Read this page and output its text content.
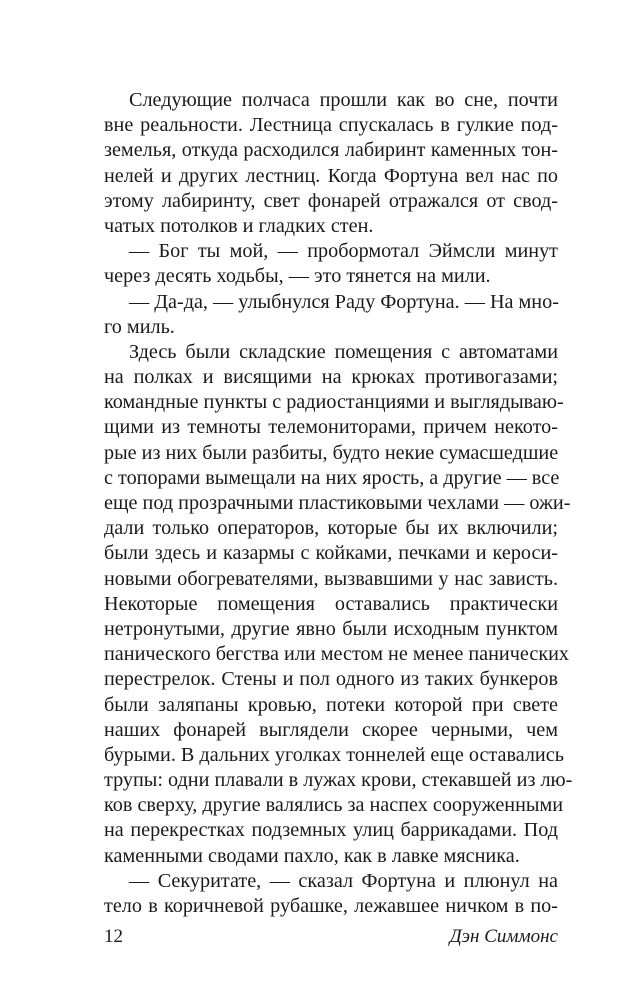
Следующие полчаса прошли как во сне, почти
вне реальности. Лестница спускалась в гулкие под-
земелья, откуда расходился лабиринт каменных тон-
нелей и других лестниц. Когда Фортуна вел нас по
этому лабиринту, свет фонарей отражался от свод-
чатых потолков и гладких стен.
— Бог ты мой, — пробормотал Эймсли минут
через десять ходьбы, — это тянется на мили.
— Да-да, — улыбнулся Раду Фортуна. — На мно-
го миль.
Здесь были складские помещения с автоматами
на полках и висящими на крюках противогазами;
командные пункты с радиостанциями и выглядываю-
щими из темноты телемониторами, причем некото-
рые из них были разбиты, будто некие сумасшедшие
с топорами вымещали на них ярость, а другие — все
еще под прозрачными пластиковыми чехлами — ожи-
дали только операторов, которые бы их включили;
были здесь и казармы с койками, печками и кероси-
новыми обогревателями, вызвавшими у нас зависть.
Некоторые помещения оставались практически
нетронутыми, другие явно были исходным пунктом
панического бегства или местом не менее панических
перестрелок. Стены и пол одного из таких бункеров
были заляпаны кровью, потеки которой при свете
наших фонарей выглядели скорее черными, чем
бурыми. В дальних уголках тоннелей еще оставались
трупы: одни плавали в лужах крови, стекавшей из лю-
ков сверху, другие валялись за наспех сооруженными
на перекрестках подземных улиц баррикадами. Под
каменными сводами пахло, как в лавке мясника.
— Секуритате, — сказал Фортуна и плюнул на
тело в коричневой рубашке, лежавшее ничком в по-
12	Дэн Симмонс
